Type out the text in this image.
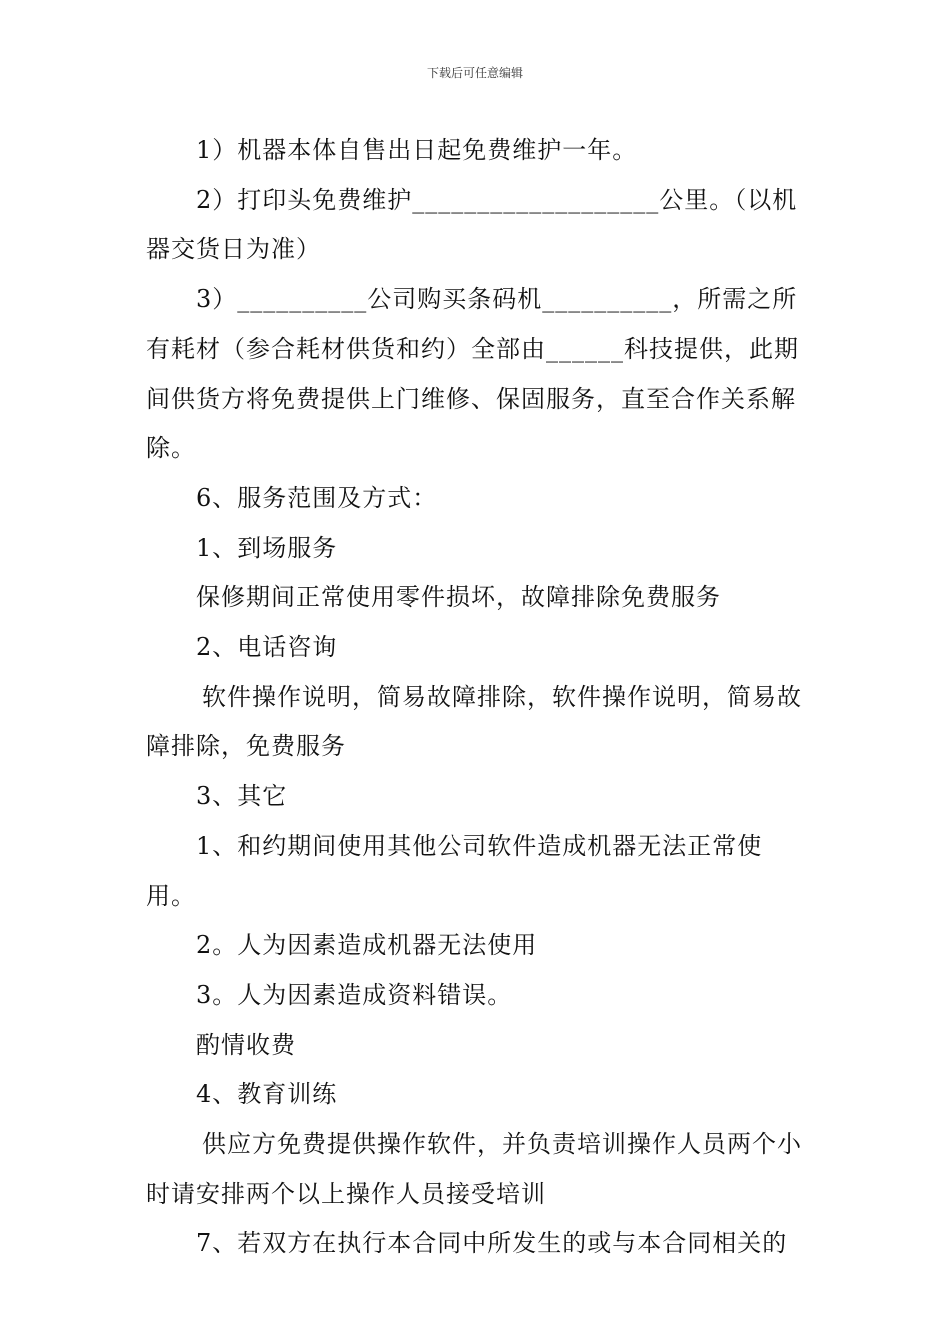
下载后可任意编辑

1）机器本体自售出日起免费维护一年。

2）打印头免费维护___________________公里。（以机器交货日为准）

3）__________公司购买条码机__________，所需之所有耗材（参合耗材供货和约）全部由______科技提供，此期间供货方将免费提供上门维修、保固服务，直至合作关系解除。

6、服务范围及方式：

1、到场服务

保修期间正常使用零件损坏，故障排除免费服务

2、电话咨询

软件操作说明，简易故障排除，软件操作说明，简易故障排除，免费服务

3、其它

1、和约期间使用其他公司软件造成机器无法正常使用。

2。人为因素造成机器无法使用

3。人为因素造成资料错误。

酌情收费

4、教育训练

供应方免费提供操作软件，并负责培训操作人员两个小时请安排两个以上操作人员接受培训

7、若双方在执行本合同中所发生的或与本合同相关的
